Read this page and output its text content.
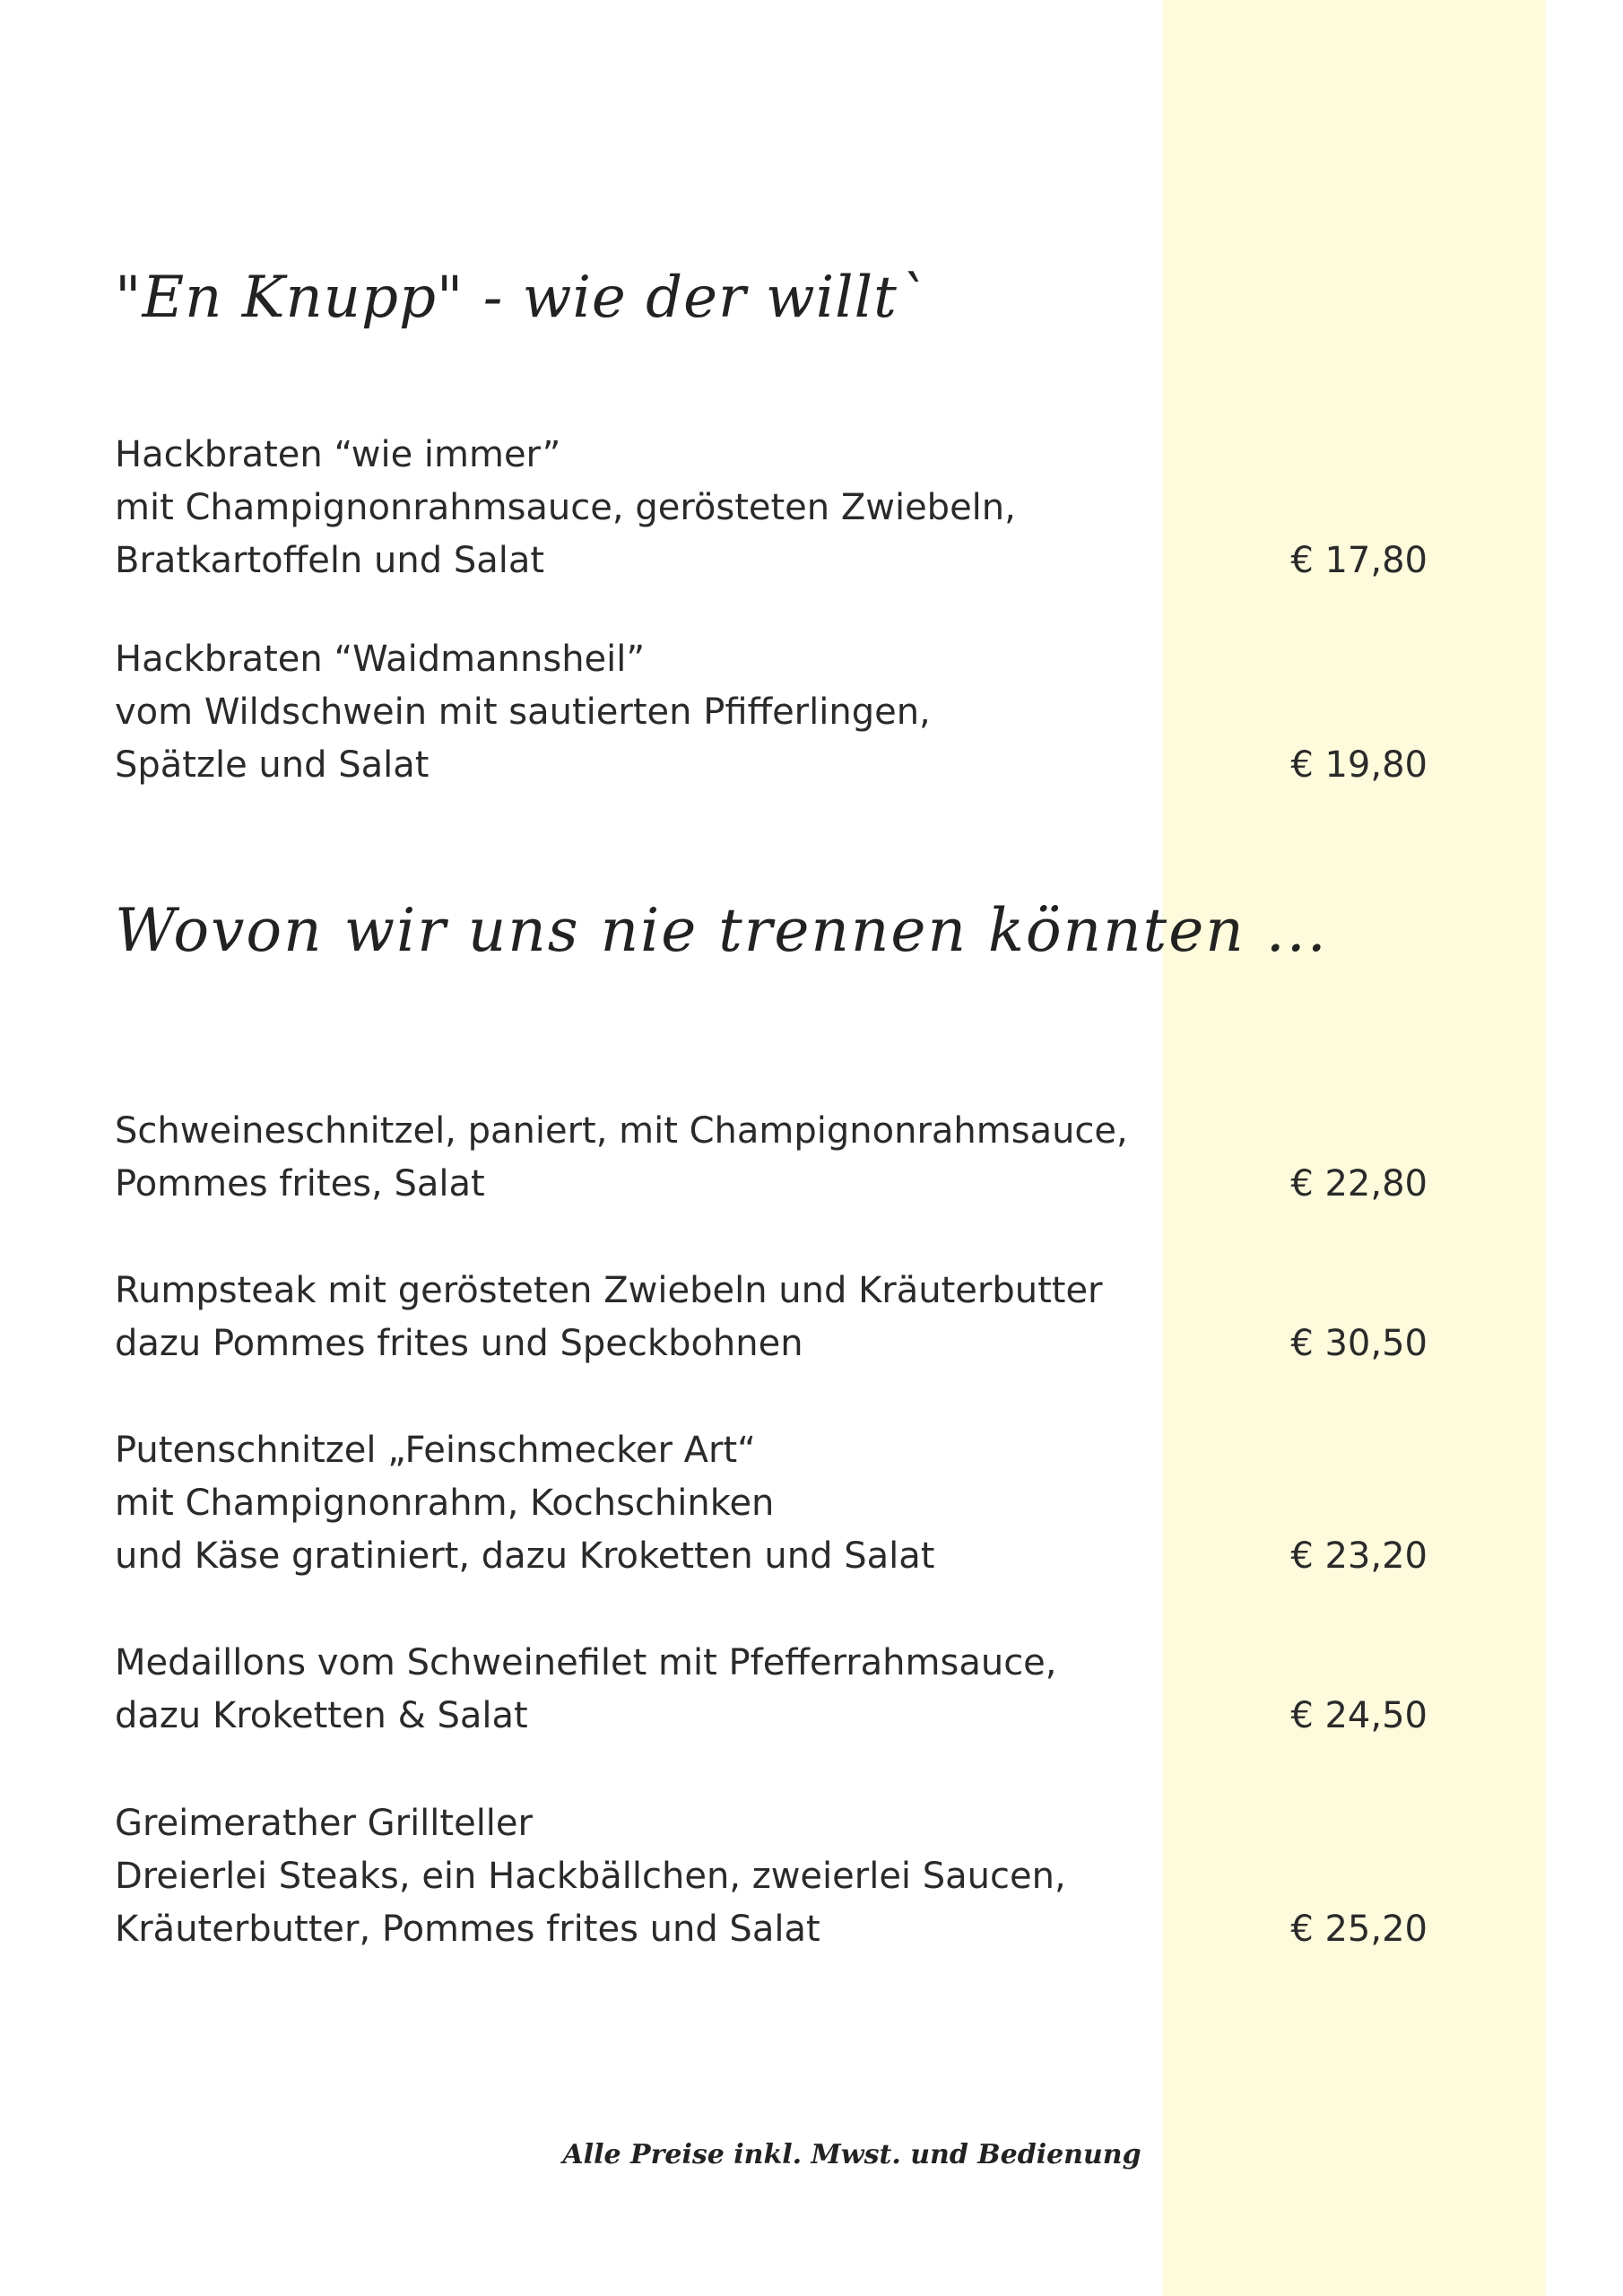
"En Knupp" - wie der willt`
Hackbraten “wie immer”
mit Champignonrahmsauce, gerösteten Zwiebeln,
Bratkartoffeln und Salat	€ 17,80
Hackbraten “Waidmannsheil”
vom Wildschwein mit sautierten Pfifferlingen,
Spätzle und Salat	€ 19,80
Wovon wir uns nie trennen könnten ...
Schweineschnitzel, paniert, mit Champignonrahmsauce,
Pommes frites, Salat	€ 22,80
Rumpsteak mit gerösteten Zwiebeln und Kräuterbutter
dazu Pommes frites und Speckbohnen	€ 30,50
Putenschnitzel „Feinschmecker Art“
mit Champignonrahm, Kochschinken
und Käse gratiniert, dazu Kroketten und Salat	€ 23,20
Medaillons vom Schweinefilet mit Pfefferrahmsauce,
dazu Kroketten & Salat	€ 24,50
Greimerather Grillteller
Dreierlei Steaks, ein Hackbällchen, zweierlei Saucen,
Kräuterbutter, Pommes frites und Salat	€ 25,20
Alle Preise inkl. Mwst. und Bedienung
